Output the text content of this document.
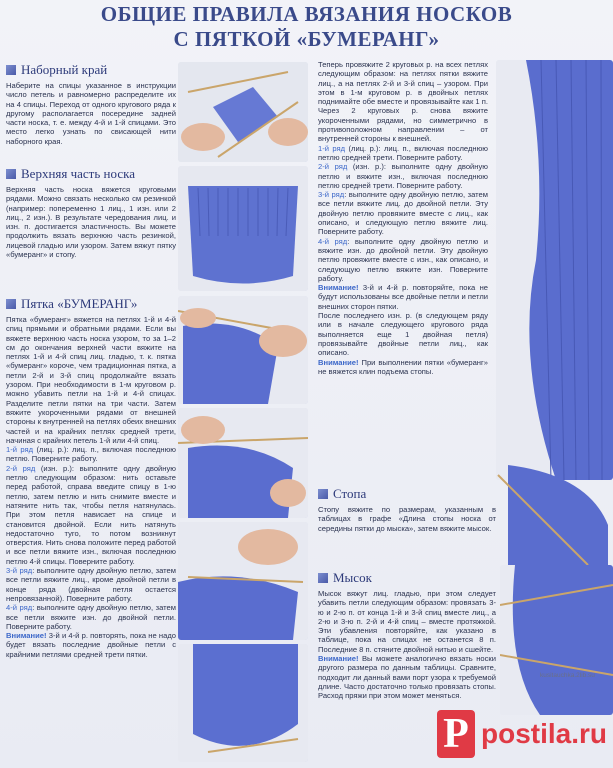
ОБЩИЕ ПРАВИЛА ВЯЗАНИЯ НОСКОВ
С ПЯТКОЙ «БУМЕРАНГ»
Наборный край

Наберите на спицы указанное в инструкции число петель и равномерно распределите их на 4 спицы. Переход от одного кругового ряда к другому располагается посередине задней части носка, т. е. между 4-й и 1-й спицами. Это место легко узнать по свисающей нити наборного края.

Верхняя часть носка

Верхняя часть носка вяжется круговыми рядами. Можно связать несколько см резинкой (например: попеременно 1 лиц., 1 изн. или 2 лиц., 2 изн.). В результате чередования лиц. и изн. п. достигается эластичность. Вы можете продолжить вязать верхнюю часть резинкой, лицевой гладью или узором. Затем вяжут пятку «бумеранг» и стопу.

Пятка «БУМЕРАНГ»

Пятка «бумеранг» вяжется на петлях 1-й и 4-й спиц прямыми и обратными рядами. Если вы вяжете верхнюю часть носка узором, то за 1–2 см до окончания верхней части вяжите на петлях 1-й и 4-й спиц лиц. гладью, т. к. пятка «бумеранг» короче, чем традиционная пятка, а петли 2-й и 3-й спиц продолжайте вязать узором. При необходимости в 1-м круговом р. можно убавить петли на 1-й и 4-й спицах. Разделите петли пятки на три части. Затем вяжите укороченными рядами от внешней стороны к внутренней на петлях обеих внешних частей и на крайних петлях средней трети, начиная с крайних петель 1-й или 4-й спиц.

1-й ряд (лиц. р.): лиц. п., включая последнюю петлю. Поверните работу.

2-й ряд (изн. р.): выполните одну двойную петлю следующим образом: нить оставьте перед работой, справа введите спицу в 1-ю петлю, затем петлю и нить снимите вместе и натяните нить так, чтобы петля натянулась. При этом петля нависает на спице и становится двойной. Если нить натянуть недостаточно туго, то потом возникнут отверстия. Нить снова положите перед работой и все петли вяжите изн., включая последнюю петлю 4-й спицы. Поверните работу.

3-й ряд: выполните одну двойную петлю, затем все петли вяжите лиц., кроме двойной петли в конце ряда (двойная петля остается непровязанной). Поверните работу.

4-й ряд: выполните одну двойную петлю, затем все петли вяжите изн. до двойной петли. Поверните работу.

Внимание! 3-й и 4-й р. повторять, пока не надо будет вязать последние двойные петли с крайними петлями средней трети пятки.

Теперь провяжите 2 круговых р. на всех петлях следующим образом: на петлях пятки вяжите лиц., а на петлях 2-й и 3-й спиц – узором. При этом в 1-м круговом р. в двойных петлях поднимайте обе вместе и провязывайте как 1 п. Через 2 круговых р. снова вяжите укороченными рядами, но симметрично в противоположном направлении – от внутренней стороны к внешней.

1-й ряд (лиц. р.): лиц. п., включая последнюю петлю средней трети. Поверните работу.

2-й ряд (изн. р.): выполните одну двойную петлю и вяжите изн., включая последнюю петлю средней трети. Поверните работу.

3-й ряд: выполните одну двойную петлю, затем все петли вяжите лиц. до двойной петли. Эту двойную петлю провяжите вместе с лиц., как описано, и следующую петлю вяжите лиц. Поверните работу.

4-й ряд: выполните одну двойную петлю и вяжите изн. до двойной петли. Эту двойную петлю провяжите вместе с изн., как описано, и следующую петлю вяжите изн. Поверните работу.

Внимание! 3-й и 4-й р. повторяйте, пока не будут использованы все двойные петли и петли внешних сторон пятки.

После последнего изн. р. (в следующем ряду или в начале следующего кругового ряда выполняется еще 1 двойная петля) провязывайте двойные петли лиц., как описано.

Внимание! При выполнении пятки «бумеранг» не вяжется клин подъема стопы.

Стопа

Стопу вяжите по размерам, указанным в таблицах в графе «Длина стопы носка от середины пятки до мыска», затем вяжите мысок.

Мысок

Мысок вяжут лиц. гладью, при этом следует убавить петли следующим образом: провязать 3-ю и 2-ю п. от конца 1-й и 3-й спиц вместе лиц., а 2-ю и 3-ю п. 2-й и 4-й спиц – вместе протяжкой. Эти убавления повторяйте, как указано в таблице, пока на спицах не останется 8 п. Последние 8 п. стяните двойной нитью и сшейте.

Внимание! Вы можете аналогично вязать носки другого размера по данным таблицы. Сравните, подходит ли данный вами порт узора к требуемой длине. Часто достаточно только провязать стопы. Расход пряжи при этом может меняться.

kusitauchka.2lib.su
P postila.ru
